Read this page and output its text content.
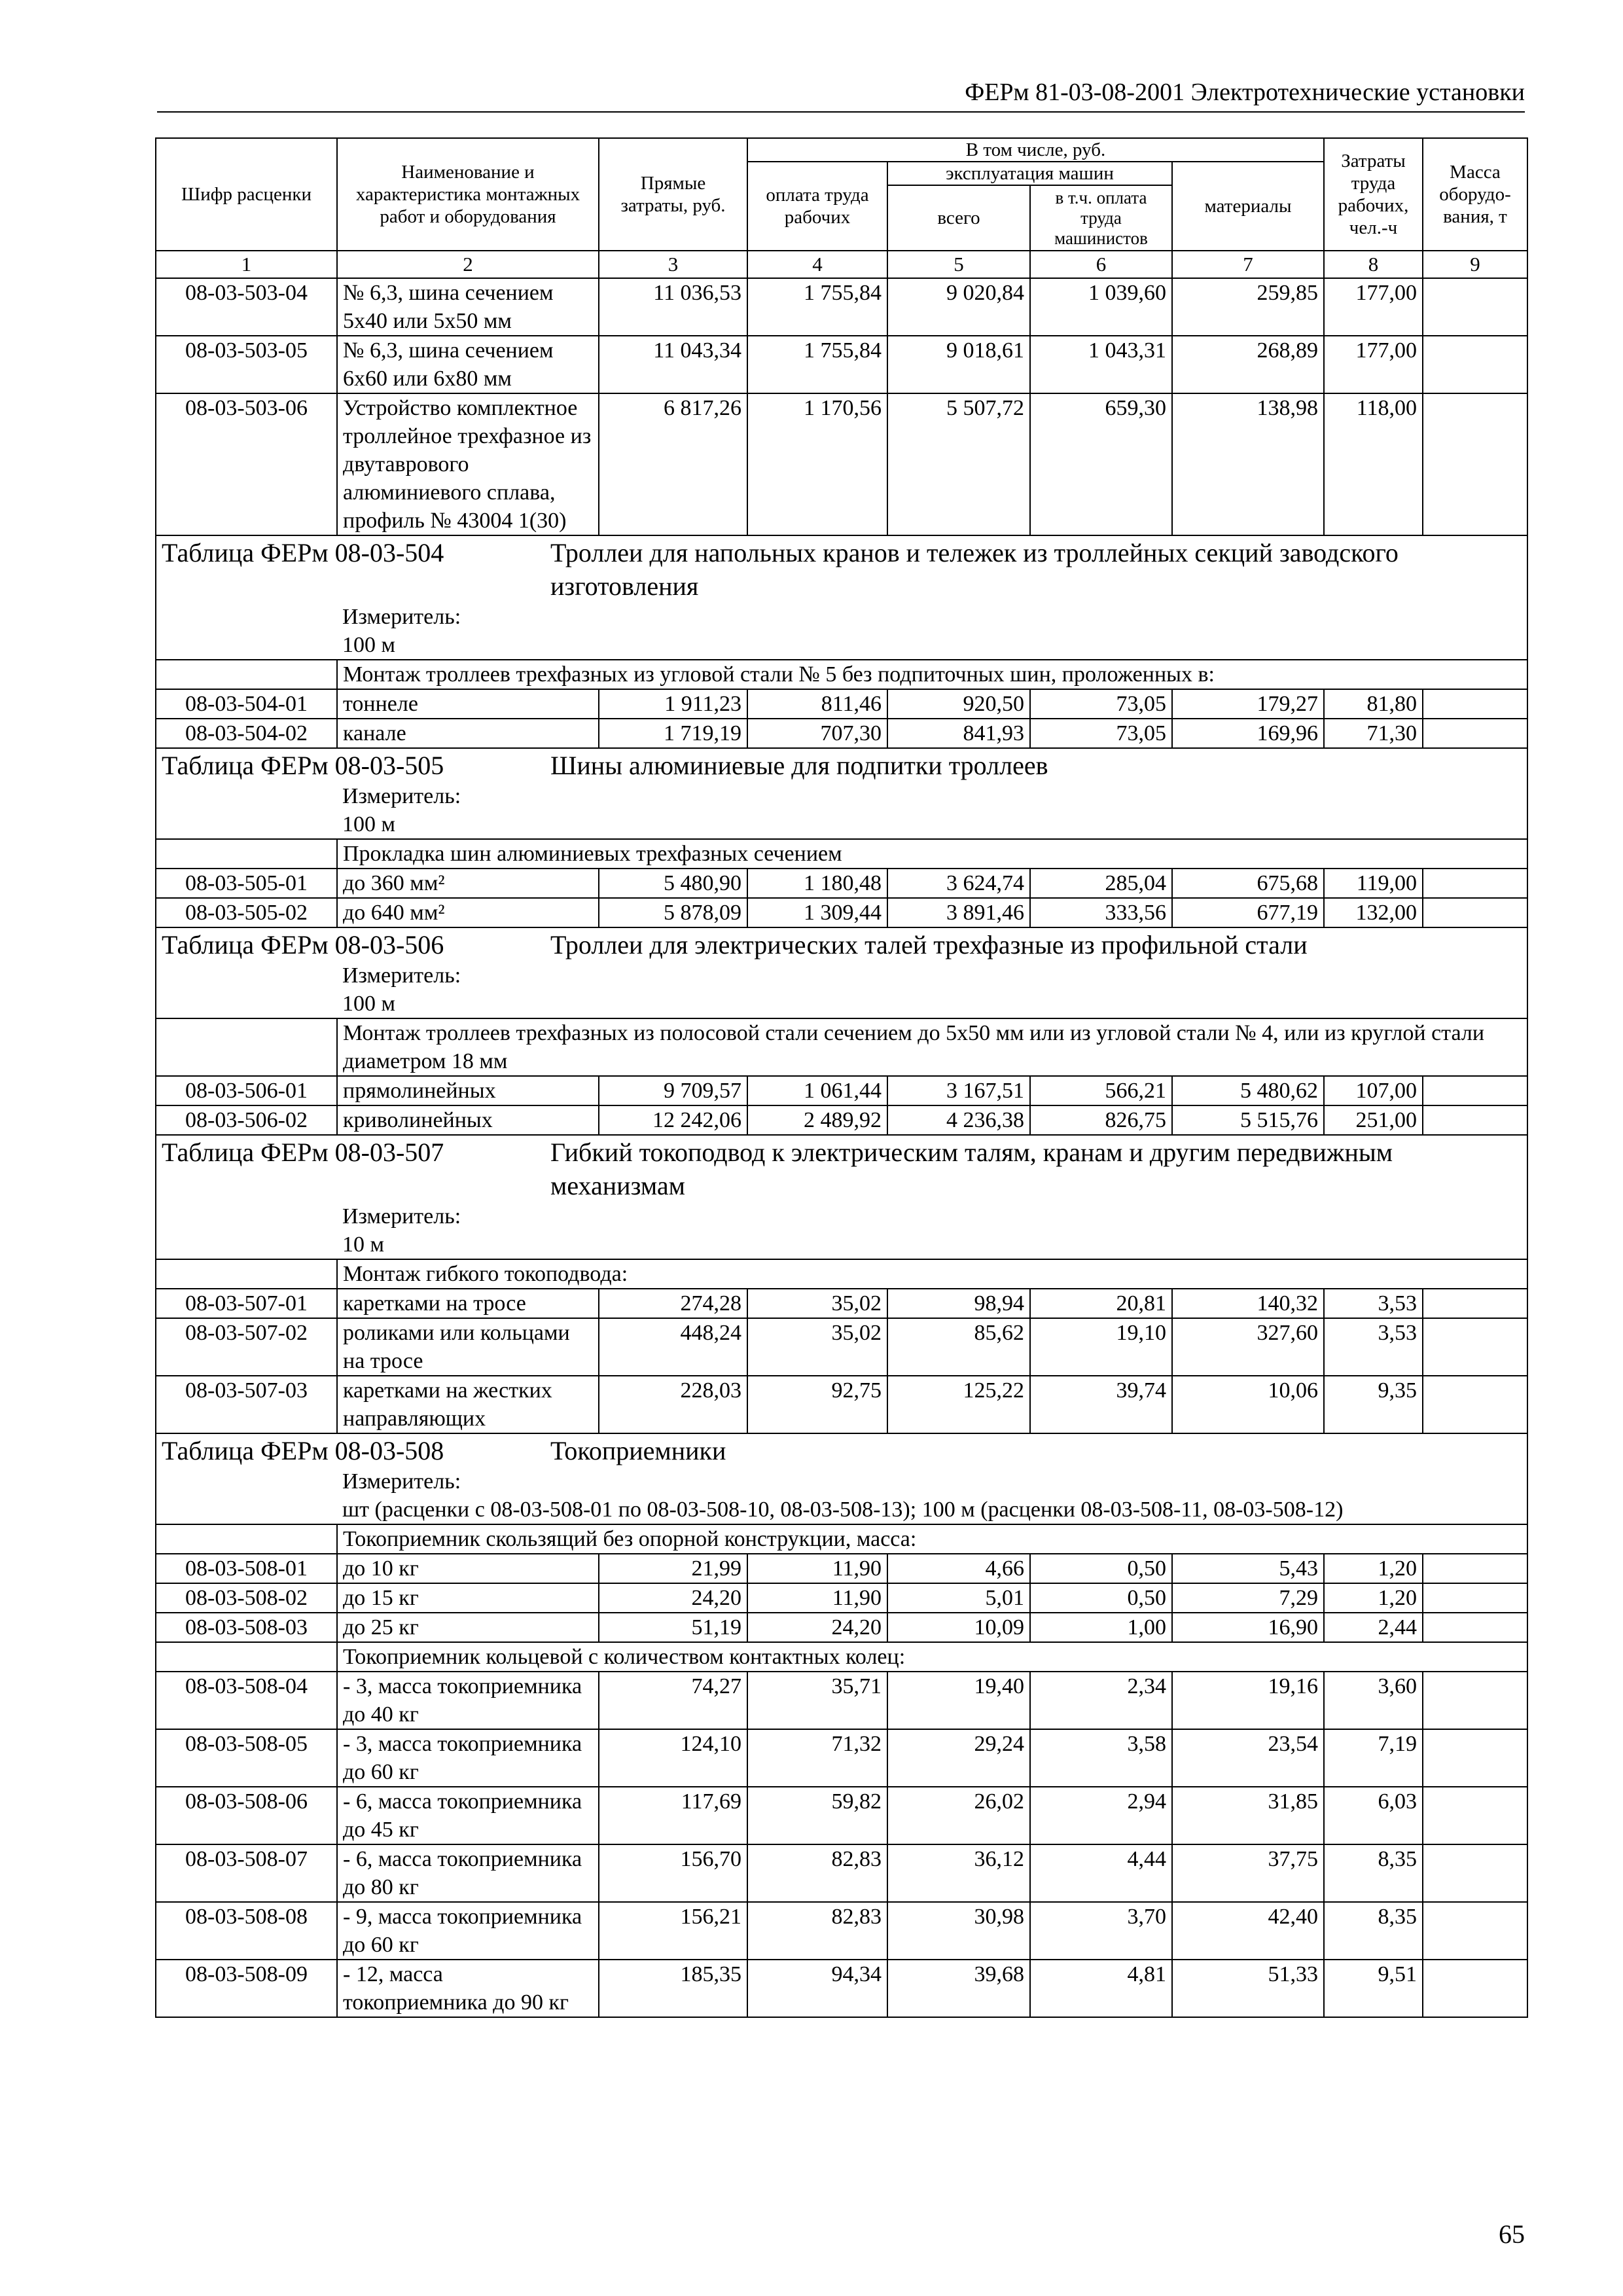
ФЕРм 81-03-08-2001 Электротехнические установки
Шифр расценки	Наименование и характеристика монтажных работ и оборудования	Прямые затраты, руб.	В том числе, руб.				Затраты труда рабочих, чел.-ч	Масса оборудо- вания, т
			оплата труда рабочих	эксплуатация машин		материалы		
				всего	в т.ч. оплата труда машинистов			
1	2	3	4	5	6	7	8	9
08-03-503-04	№ 6,3, шина сечением 5х40 или 5х50 мм	11 036,53	1 755,84	9 020,84	1 039,60	259,85	177,00	
08-03-503-05	№ 6,3, шина сечением 6х60 или 6х80 мм	11 043,34	1 755,84	9 018,61	1 043,31	268,89	177,00	
08-03-503-06	Устройство комплектное троллейное трехфазное из двутаврового алюминиевого сплава, профиль № 43004 1(30)	6 817,26	1 170,56	5 507,72	659,30	138,98	118,00	
Таблица ФЕРм 08-03-504 Троллеи для напольных кранов и тележек из троллейных секций заводского изготовления								
	Измеритель:100 м							
	Монтаж троллеев трехфазных из угловой стали № 5 без подпиточных шин, проложенных в:							
08-03-504-01	тоннеле	1 911,23	811,46	920,50	73,05	179,27	81,80	
08-03-504-02	канале	1 719,19	707,30	841,93	73,05	169,96	71,30	
Таблица ФЕРм 08-03-505 Шины алюминиевые для подпитки троллеев								
	Измеритель:100 м							
	Прокладка шин алюминиевых трехфазных сечением							
08-03-505-01	до 360 мм²	5 480,90	1 180,48	3 624,74	285,04	675,68	119,00	
08-03-505-02	до 640 мм²	5 878,09	1 309,44	3 891,46	333,56	677,19	132,00	
Таблица ФЕРм 08-03-506 Троллеи для электрических талей трехфазные из профильной стали								
	Измеритель:100 м							
	Монтаж троллеев трехфазных из полосовой стали сечением до 5х50 мм или из угловой стали № 4, или из круглой стали диаметром 18 мм							
08-03-506-01	прямолинейных	9 709,57	1 061,44	3 167,51	566,21	5 480,62	107,00	
08-03-506-02	криволинейных	12 242,06	2 489,92	4 236,38	826,75	5 515,76	251,00	
Таблица ФЕРм 08-03-507 Гибкий токоподвод к электрическим талям, кранам и другим передвижным механизмам								
	Измеритель:10 м							
	Монтаж гибкого токоподвода:							
08-03-507-01	каретками на тросе	274,28	35,02	98,94	20,81	140,32	3,53	
08-03-507-02	роликами или кольцами на тросе	448,24	35,02	85,62	19,10	327,60	3,53	
08-03-507-03	каретками на жестких направляющих	228,03	92,75	125,22	39,74	10,06	9,35	
Таблица ФЕРм 08-03-508 Токоприемники								
	Измеритель:шт (расценки с 08-03-508-01 по 08-03-508-10, 08-03-508-13); 100 м (расценки 08-03-508-11, 08-03-508-12)							
	Токоприемник скользящий без опорной конструкции, масса:							
08-03-508-01	до 10 кг	21,99	11,90	4,66	0,50	5,43	1,20	
08-03-508-02	до 15 кг	24,20	11,90	5,01	0,50	7,29	1,20	
08-03-508-03	до 25 кг	51,19	24,20	10,09	1,00	16,90	2,44	
	Токоприемник кольцевой с количеством контактных колец:							
08-03-508-04	- 3, масса токоприемника до 40 кг	74,27	35,71	19,40	2,34	19,16	3,60	
08-03-508-05	- 3, масса токоприемника до 60 кг	124,10	71,32	29,24	3,58	23,54	7,19	
08-03-508-06	- 6, масса токоприемника до 45 кг	117,69	59,82	26,02	2,94	31,85	6,03	
08-03-508-07	- 6, масса токоприемника до 80 кг	156,70	82,83	36,12	4,44	37,75	8,35	
08-03-508-08	- 9, масса токоприемника до 60 кг	156,21	82,83	30,98	3,70	42,40	8,35	
08-03-508-09	- 12, масса токоприемника до 90 кг	185,35	94,34	39,68	4,81	51,33	9,51	
65
